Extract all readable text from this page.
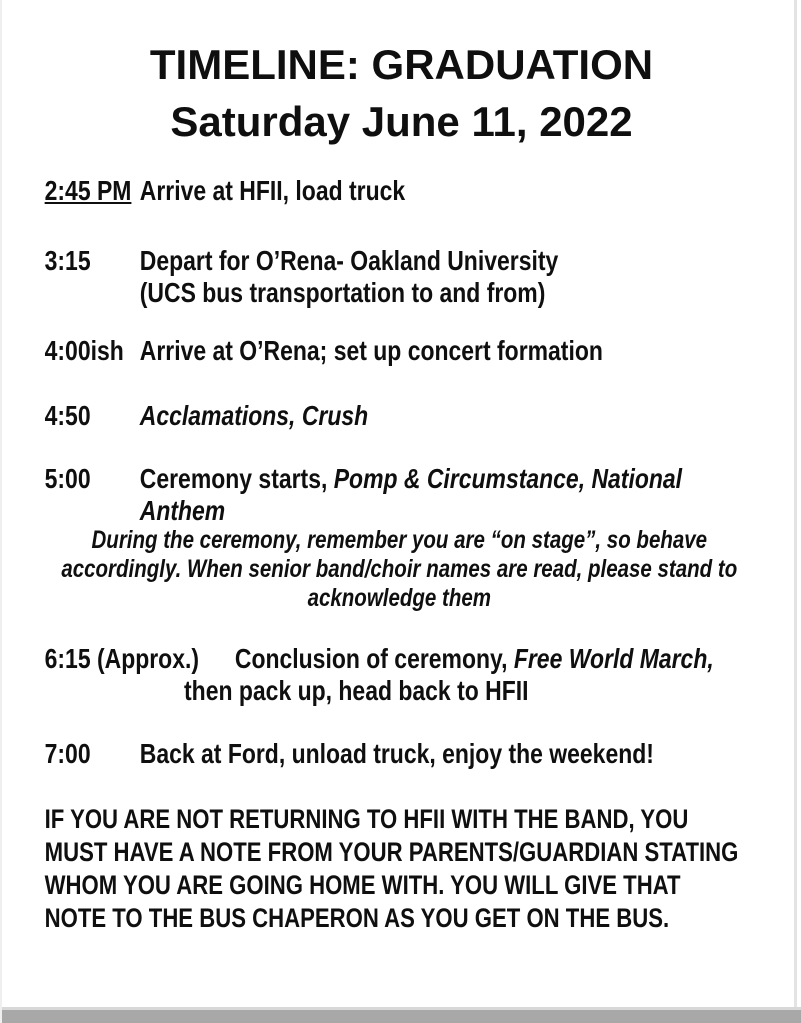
TIMELINE: GRADUATION
Saturday June 11, 2022
2:45 PM Arrive at HFII, load truck
3:15	Depart for O’Rena- Oakland University
(UCS bus transportation to and from)
4:00ish Arrive at O’Rena; set up concert formation
4:50	Acclamations, Crush
5:00	Ceremony starts, Pomp & Circumstance, National
Anthem
During the ceremony, remember you are “on stage”, so behave
accordingly. When senior band/choir names are read, please stand to
acknowledge them
6:15 (Approx.)	Conclusion of ceremony, Free World March,
then pack up, head back to HFII
7:00	Back at Ford, unload truck, enjoy the weekend!
IF YOU ARE NOT RETURNING TO HFII WITH THE BAND, YOU
MUST HAVE A NOTE FROM YOUR PARENTS/GUARDIAN STATING
WHOM YOU ARE GOING HOME WITH. YOU WILL GIVE THAT
NOTE TO THE BUS CHAPERON AS YOU GET ON THE BUS.
